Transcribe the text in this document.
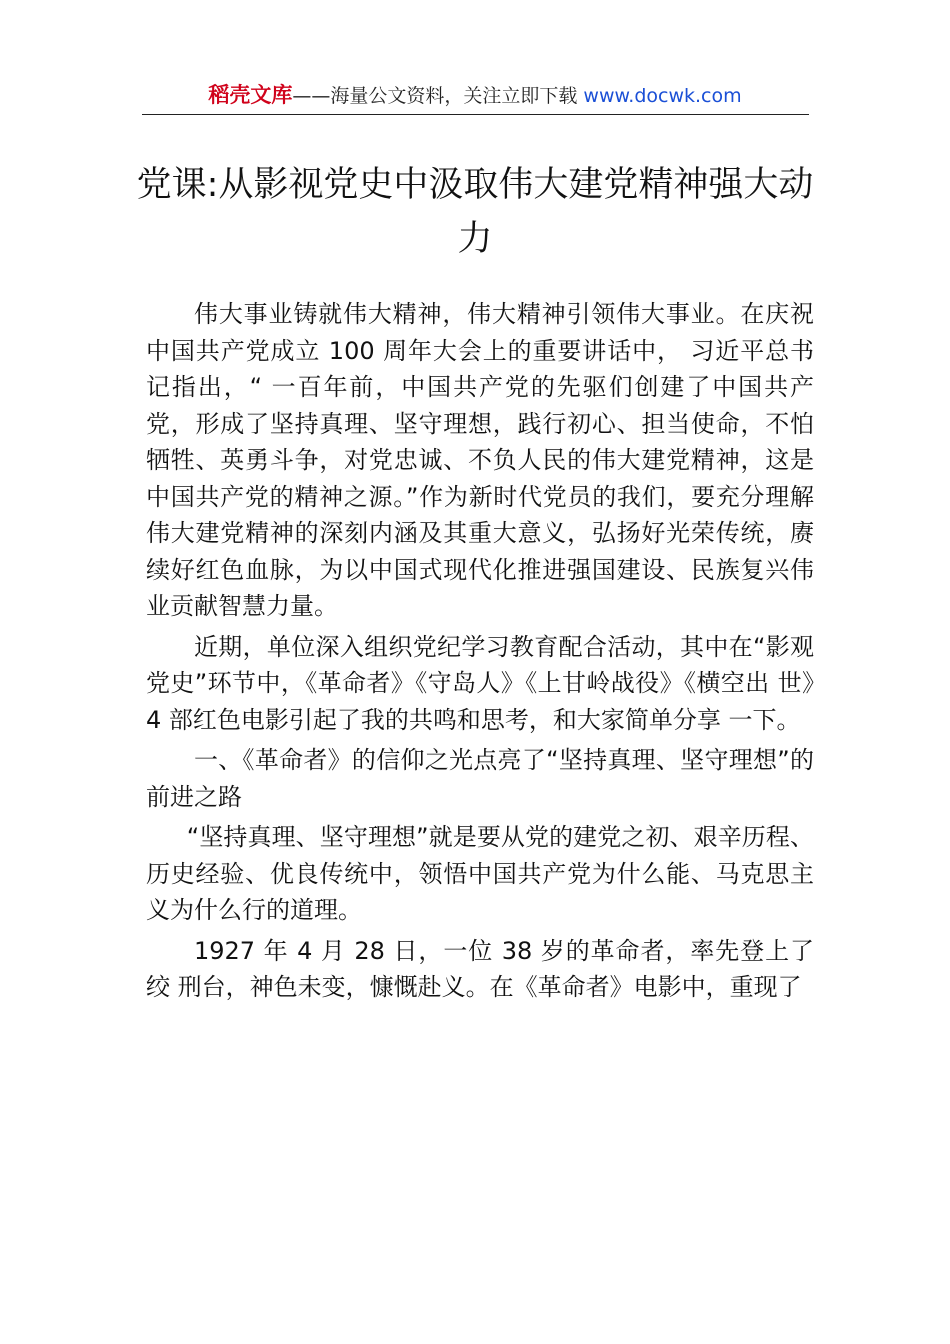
稻壳文库——海量公文资料，关注立即下载 www.docwk.com
党课:从影视党史中汲取伟大建党精神强大动力

伟大事业铸就伟大精神，伟大精神引领伟大事业。在庆祝中国共产党成立 100 周年大会上的重要讲话中， 习近平总书记指出，“ 一百年前，中国共产党的先驱们创建了中国共产党，形成了坚持真理、坚守理想，践行初心、担当使命，不怕牺牲、英勇斗争，对党忠诚、不负人民的伟大建党精神，这是中国共产党的精神之源。”作为新时代党员的我们，要充分理解伟大建党精神的深刻内涵及其重大意义，弘扬好光荣传统，赓续好红色血脉，为以中国式现代化推进强国建设、民族复兴伟业贡献智慧力量。

近期，单位深入组织党纪学习教育配合活动，其中在“影观党史”环节中，《革命者》《守岛人》《上甘岭战役》《横空出 世》4 部红色电影引起了我的共鸣和思考，和大家简单分享 一下。

一、《革命者》的信仰之光点亮了“坚持真理、坚守理想”的前进之路

“坚持真理、坚守理想”就是要从党的建党之初、艰辛历程、历史经验、优良传统中，领悟中国共产党为什么能、马克思主义为什么行的道理。

1927 年 4 月 28 日，一位 38 岁的革命者，率先登上了绞 刑台，神色未变，慷慨赴义。在《革命者》电影中，重现了
